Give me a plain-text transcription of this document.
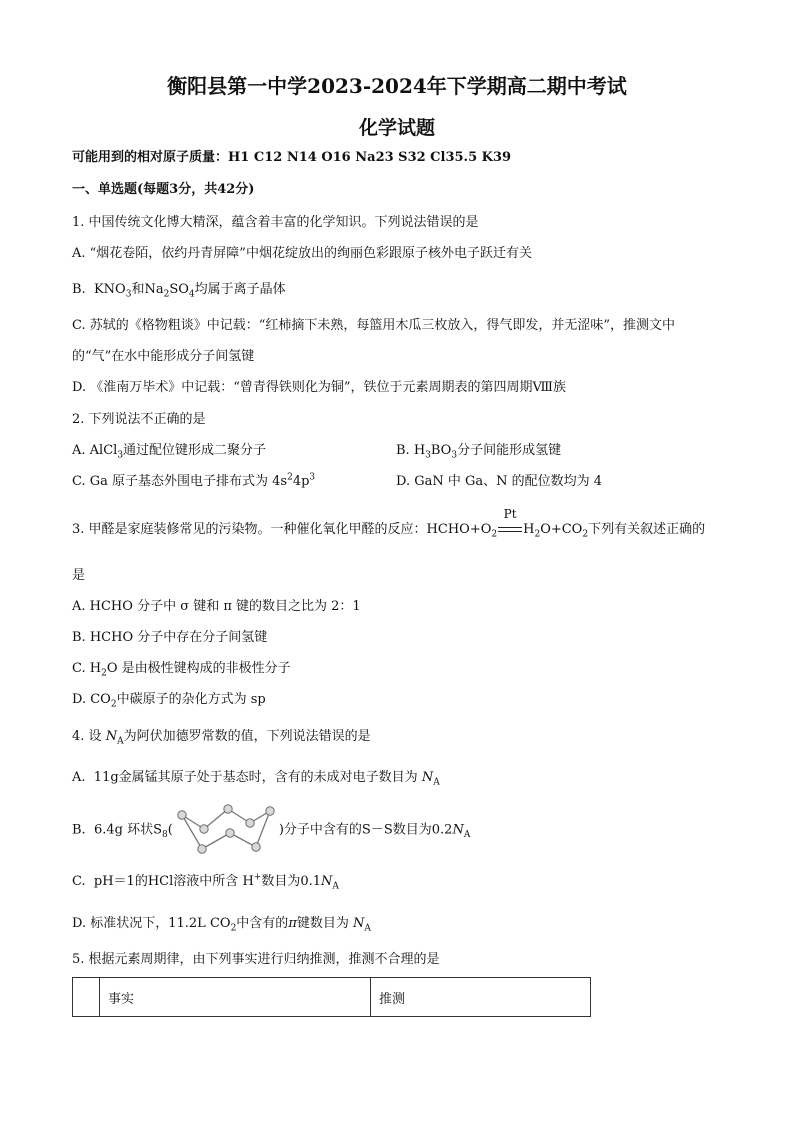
衡阳县第一中学2023-2024年下学期高二期中考试
化学试题
可能用到的相对原子质量：H1 C12 N14 O16 Na23 S32 Cl35.5 K39
一、单选题(每题3分，共42分)
1. 中国传统文化博大精深，蕴含着丰富的化学知识。下列说法错误的是
A. “烟花卷陌，依约丹青屏障”中烟花绽放出的绚丽色彩跟原子核外电子跃迁有关
B. $KNO_3$和$Na_2SO_4$均属于离子晶体
C. 苏轼的《格物粗谈》中记载：“红柿摘下未熟，每篮用木瓜三枚放入，得气即发，并无涩味”，推测文中
的“气”在水中能形成分子间氢键
D. 《淮南万毕术》中记载：“曾青得铁则化为铜”，铁位于元素周期表的第四周期Ⅷ族
2. 下列说法不正确的是
A. AlCl$_3$通过配位键形成二聚分子	B. $H_3BO_3$分子间能形成氢键
C. Ga 原子基态外围电子排布式为 $4s^24p^3$	D. GaN 中 Ga、N 的配位数均为 4
3. 甲醛是家庭装修常见的污染物。一种催化氧化甲醛的反应：$HCHO+O_2$
Pt
$H_2O+CO_2$下列有关叙述正确的
是
A. HCHO 分子中 σ 键和 π 键的数目之比为 2：1
B. HCHO 分子中存在分子间氢键
C. $H_2O$ 是由极性键构成的非极性分子
D. $CO_2$中碳原子的杂化方式为 sp
4. 设 $N_A$为阿伏加德罗常数的值，下列说法错误的是
A. 11g金属锰其原子处于基态时，含有的未成对电子数目为 $N_A$
B. 6.4g 环状$S_8$(	)分子中含有的S－S数目为$0.2N_A$
C. pH＝1的HCl溶液中所含 H+数目为$0.1N_A$
D. 标准状况下，11.2L $CO_2$中含有的π键数目为 $N_A$
5. 根据元素周期律，由下列事实进行归纳推测，推测不合理的是
	事实	推测
